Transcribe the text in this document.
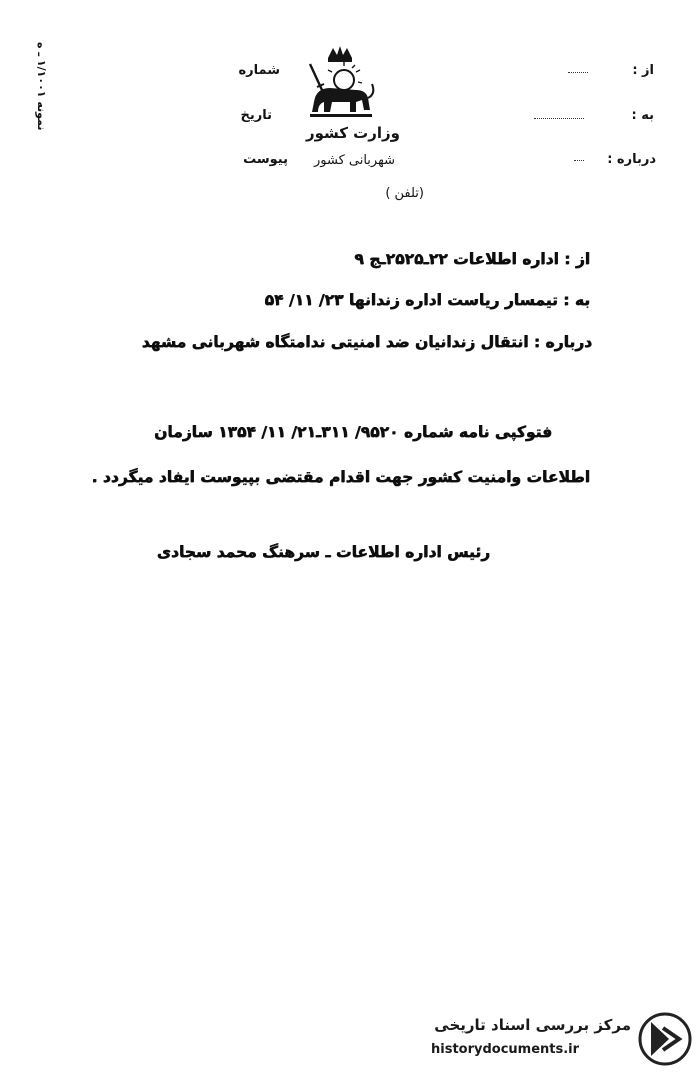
شماره
تاریخ
وزارت کشور
پیوست شهربانی کشور
(تلفن )
از :
به :
درباره :
نمونه ۱/۱۰۰۱ ـ ه
از : اداره اطلاعات ۲۲ـ۲۵۲۵ـج ۹
به : تیمسار ریاست اداره زندانها ۲۳/ ۱۱/ ۵۴
درباره : انتقال زندانیان ضد امنیتی ندامتگاه شهربانی مشهد
فتوکپی نامه شماره ۹۵۲۰/ ۳۱۱ـ۲۱/ ۱۱/ ۱۳۵۴ سازمان
اطلاعات وامنیت کشور جهت اقدام مقتضی بپیوست ایفاد میگردد .
رئیس اداره اطلاعات ـ سرهنگ محمد سجادی
مرکز بررسی اسناد تاریخی
historydocuments.ir
